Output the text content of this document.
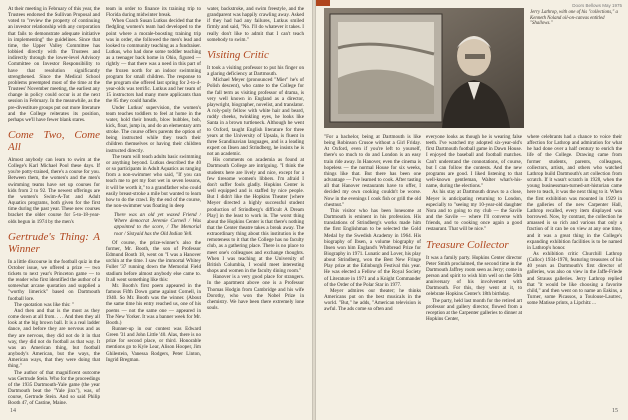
At their meeting in February of this year, the Trustees endorsed the Sullivan Proposal and voted to "review the property of continuing an investor relationship with any corporation that fails to demonstrate adequate initiative in implementing" the guidelines. Since that time, the Upper Valley Committee has lobbied directly with the Trustees and indirectly through the lower-level Advisory Committee on Investor Responsibility to have that resolution significantly strengthened. Since the Medical School problems preempted most of the time at the Trustees' November meeting, the earliest any change in policy could occur is at the next session in February. In the meanwhile, as the pre-divestiture groups put out more literature and the College reiterates its position, perhaps we'll have fewer blank stares.

Come Two, Come All

Almost anybody can learn to swim at the College's Karl Michael Pool these days. If you're potty-trained, there's a course for you. Between them, the women's and the men's swimming teams have set up courses for kids from 2 to 92. The newest offerings are the women's Swim-A-Tot and Adult Aquatics programs, both given for the first time during the past year. These new courses bracket the older course for 5-to-18-year-olds begun in 1974 by the men's

Gertrude's Thing: A Winner

In a little discourse in the football quiz in the October issue, we offered a prize — two tickets to next year's Princeton game — to the reader who first identified the author of a somewhat arcane quotation and supplied a "worthy limerick" based on Dartmouth football lore.

The quotation was like this: "

And then and that is the most as they come down at all from. . . . And then they all look at the big brown ball. It is a real ladder dance, and before they are nervous and as they are nervous, they did not do it in that way, they did not do football as that way. It was an American thing, but football anybody's American, but the ways, the American ways, that they were doing that thing."

The author of that magnificent outcome was Gertrude Stein. Who for the proceedings of the 1935 Dartmouth-Yale game (the year Dartmouth beat the "Yale jinx"), was, of course, Gertrude Stein. And so said Philip Booth 47, of Castine, Maine.

team in order to finance its training trip to Florida during midwinter break.

When Coach Susan Lutkus decided that the fledgling women's team had developed to the point where a morale-boosting training trip was in order, she followed the men's lead and looked to community teaching as a fundraiser. Lutkus, who had done some toddler teaching as a teenager back home in Ohio, figured — rightly — that there was a need in this part of the frozen north for an indoor swimming program for small children. The response to the program she offered last spring for 2-to-4-year-olds was terrific. Lutkus and her team of 15 instructors had many more applicants than the 85 they could handle.

Under Lutkus' supervision, the women's team teaches toddlers to feel at home in the water, hold their breath, blow bubbles, bob, kick, float, jump in, and do an elementary arm stroke. The course offers parents the option of being instructed while they teach their children themselves or having their children instructed directly.

The team will teach adults basic swimming or anything beyond. Lutkus described the 40 or so participants in Adult Aquatics as ranging from a non-swimmer who said, "If you can teach me to get my foot wet in seven lessons, it will be worth it," to a grandfather who could easily breast-stroke a mile but wanted to learn how to do the crawl. By the end of the course, the non-swimmer was floating in deep

There was an old yet waxed Friend / Where democrat Jeremie Cornell / Was appointed to the score, / The Memorial roar / Sixtyaid has the Old Indian Yell.

Of course, the prize-winner's also the former, Mr. Booth, the son of Professor Edmund Booth 18, went on "I was a Hanover urchin at the time. I saw the immortal Whitey Fuller '37 running down the Memorial Field stadium before almost anybody else came to. It all went something like this:

Mr. Booth's first poem appeared in the famous Fifth Down game against Cornell, in 1940. So Mr. Booth was the winner. (About the same time his entry reached us, one of his poems — not the same one — appeared in The New Yorker. It was a banner week for Mr. Booth.)

Runner-up in our contest was Edward Green '31 and John Little '40. Alas, there is no prize for second place, or third. Honorable mentions go to Kyle Lear, Alison Hooper, Jim Ghilestein, Vanessa Rodgers, Peter Linton, Ingrid Bregman.

water, backstroke, and swim freestyle, and the grandparent was happily crawling away. Asked if they had had any failures, Lutkus smiled firmly and said, "No. I'll do whatever it takes. I really don't like to admit that I can't teach somebody to swim."

Visiting Critic

It took a visiting professor to put his finger on a glaring deficiency at Dartmouth.

Michael Meyer (pronounced "Mier" he's of Polish descent), who came to the College for the fall term as visiting professor of drama, is very well known in England as a director, playwright, biographer, novelist, and translator. A roly-poly fellow with white hair and beard, ruddy cheeks, twinkling eyes, he looks like Santa in a brown turtleneck. Although he went to Oxford, taught English literature for three years at the University of Upsala, is fluent in three Scandinavian languages, and is a leading expert on Ibsen and Strindberg, he insists he is not an academic.

His comments on academia as found at Dartmouth College are intriguing. "I think the students here are lively and nice, except for a few tiresome women's libbers. I'm afraid I don't suffer fools gladly. Hopkins Center is well equipped and is staffed by nice people. But I didn't like the Hopkins Theater [where Meyer directed a highly successful student production of Strindberg's difficult A Dream Play] in the least to work in. The worst thing about the Hopkins Center is that there's nothing that the Center theatre takes a break away. The extraordinary thing about this institution is the remoteness to it that the College has no faculty club, as a gathering place. There is no place to meet one's colleagues and exchange thoughts. When I was teaching at the University of British Columbia, I would meet interesting shops and women in the faculty dining room."

Hanover is a very good place for strangers. In the apartment above one is a Professor Thomas Hodgin from Cambridge and his wife Dorothy, who won the Nobel Prize in chemistry. We have been there extremely lone souls.

14
Doors Bellows May 1975
Jerry Lathrop, with one of his "collections," a Kenneth Noland oil-on-canvas entitled "Shallows."

"For a bachelor, being at Dartmouth is like being Robinson Crusoe without a Girl Friday. At Oxford, even if you're left to yourself, there's so much to do and London is an easy train ride away. In Hanover, even the cinema is hopeless — the normal House for six weeks, things like that. But there has been one advantage — I've learned to cook. After tasting all that Hanover restaurants have to offer, I decided my own cooking couldn't be worse. Now in the evenings I cook fish or grill the old chestnut."

This visitor who has been lonesome at Dartmouth is eminent in his profession. His translations of Strindberg's works made him the first Englishman to be selected the Gold Medal by the Swedish Academy in 1964. His biography of Ibsen, a volume biography of Ibsen won him England's Whitbread Prize for Biography in 1971. Lunatic and Lover, his play about Strindberg, won the Best New Fringe Play prize at the Edinburgh Festival this year. He was elected a Fellow of the Royal Society of Literature in 1971 and a Knight Commander of the Order of the Polar Star in 1977.

Meyer admires our theater; he thinks Americans put on the best musicals in the world. "But," he adds, "American television is awful. The ads come so often and

everyone looks as though he is wearing false teeth. I've watched my adopted six-year-old's first Dartmouth football game in Dawn House. I enjoyed the baseball and football matches. Can't understand the connotations, of course, but I can follow the contests. And the new programs are good. I liked listening to that well-known gentleman, Walter what's-his-name, during the elections."

As his stay at Dartmouth draws to a close, Meyer is anticipating returning to London, especially to "seeing my 10-year-old daughter Nora and to going to my club — the Savile and the Savile — where I'll converse with friends, and to cooking once again a good restaurant. That will be nice."

Treasure Collector

It was a family party. Hopkins Center director Peter Smith proclaimed, the second time in the Dartmouth Jaffrey room seen as Jerry; come in person and spirit to wish him well on the 50th anniversary of his involvement with Dartmouth. For this, they went at it, to celebrate Hopkins Center's 18th birthday.

The party, held last month for the retired art professor and gallery director, flowed from a reception at the Carpenter galleries to dinner at Hopkins Center,

where celebrants had a chance to voice their affection for Lathrop and admiration for what he had done over a half century to enrich the life of the College. Drawing came from former students, parents, colleagues, collectors, artists, and others who watched Lathrop build Dartmouth's art collection from scratch. If it wasn't scratch in 1928, when the young businessman-turned-art-historian came here to teach, it was the next thing to it. When the first exhibition was mounted in 1929 in the galleries of the new Carpenter Hall, Lathrop recalled, every item displayed was borrowed. Now, by contrast, the collection he amassed is so rich and various that only a fraction of it can be on view at any one time, and it was a great thing in the College's expanding exhibition facilities is to be named in Lathrop's honor.

As exhibition critic Churchill Lathrop (Calloc) 1934-1978, featuring treasures of his 40 years as Dartmouth's first director of galleries, was also on view in the Jaffe-Friede and Strauss galleries. Jerry Lathrop replied that "it would be like choosing a favorite child," and then went on to name an Eakins, a Turner, some Picassos, a Toulouse-Lautrec, some Matisse prints, a Lipchitz ...

15
